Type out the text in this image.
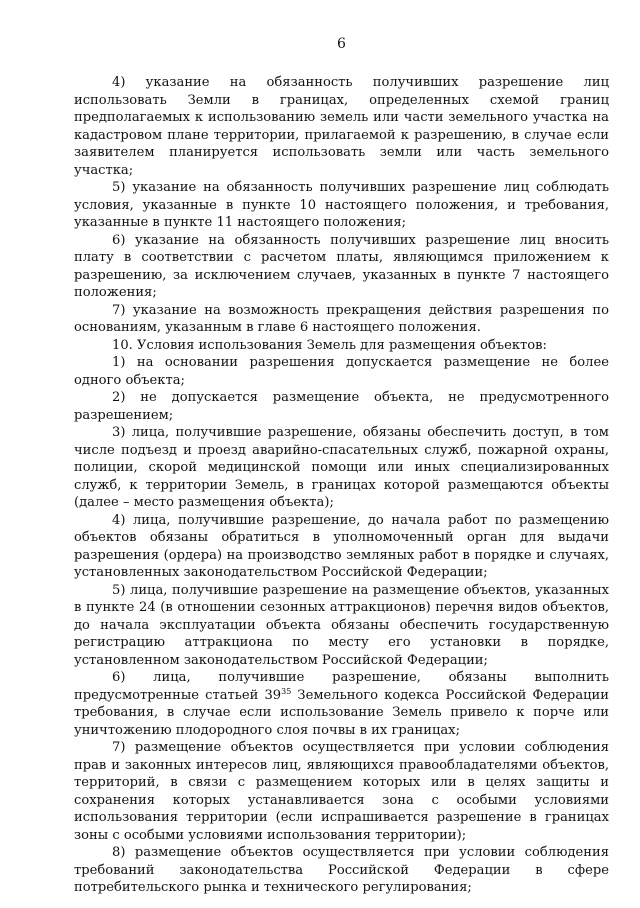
6

4) указание на обязанность получивших разрешение лиц использовать Земли в границах, определенных схемой границ предполагаемых к использованию земель или части земельного участка на кадастровом плане территории, прилагаемой к разрешению, в случае если заявителем планируется использовать земли или часть земельного участка;

5) указание на обязанность получивших разрешение лиц соблюдать условия, указанные в пункте 10 настоящего положения, и требования, указанные в пункте 11 настоящего положения;

6) указание на обязанность получивших разрешение лиц вносить плату в соответствии с расчетом платы, являющимся приложением к разрешению, за исключением случаев, указанных в пункте 7 настоящего положения;

7) указание на возможность прекращения действия разрешения по основаниям, указанным в главе 6 настоящего положения.

10. Условия использования Земель для размещения объектов:

1) на основании разрешения допускается размещение не более одного объекта;

2) не допускается размещение объекта, не предусмотренного разрешением;

3) лица, получившие разрешение, обязаны обеспечить доступ, в том числе подъезд и проезд аварийно-спасательных служб, пожарной охраны, полиции, скорой медицинской помощи или иных специализированных служб, к территории Земель, в границах которой размещаются объекты (далее – место размещения объекта);

4) лица, получившие разрешение, до начала работ по размещению объектов обязаны обратиться в уполномоченный орган для выдачи разрешения (ордера) на производство земляных работ в порядке и случаях, установленных законодательством Российской Федерации;

5) лица, получившие разрешение на размещение объектов, указанных в пункте 24 (в отношении сезонных аттракционов) перечня видов объектов, до начала эксплуатации объекта обязаны обеспечить государственную регистрацию аттракциона по месту его установки в порядке, установленном законодательством Российской Федерации;

6) лица, получившие разрешение, обязаны выполнить предусмотренные статьей $39^{35}$ Земельного кодекса Российской Федерации требования, в случае если использование Земель привело к порче или уничтожению плодородного слоя почвы в их границах;

7) размещение объектов осуществляется при условии соблюдения прав и законных интересов лиц, являющихся правообладателями объектов, территорий, в связи с размещением которых или в целях защиты и сохранения которых устанавливается зона с особыми условиями использования территории (если испрашивается разрешение в границах зоны с особыми условиями использования территории);

8) размещение объектов осуществляется при условии соблюдения требований законодательства Российской Федерации в сфере потребительского рынка и технического регулирования;
